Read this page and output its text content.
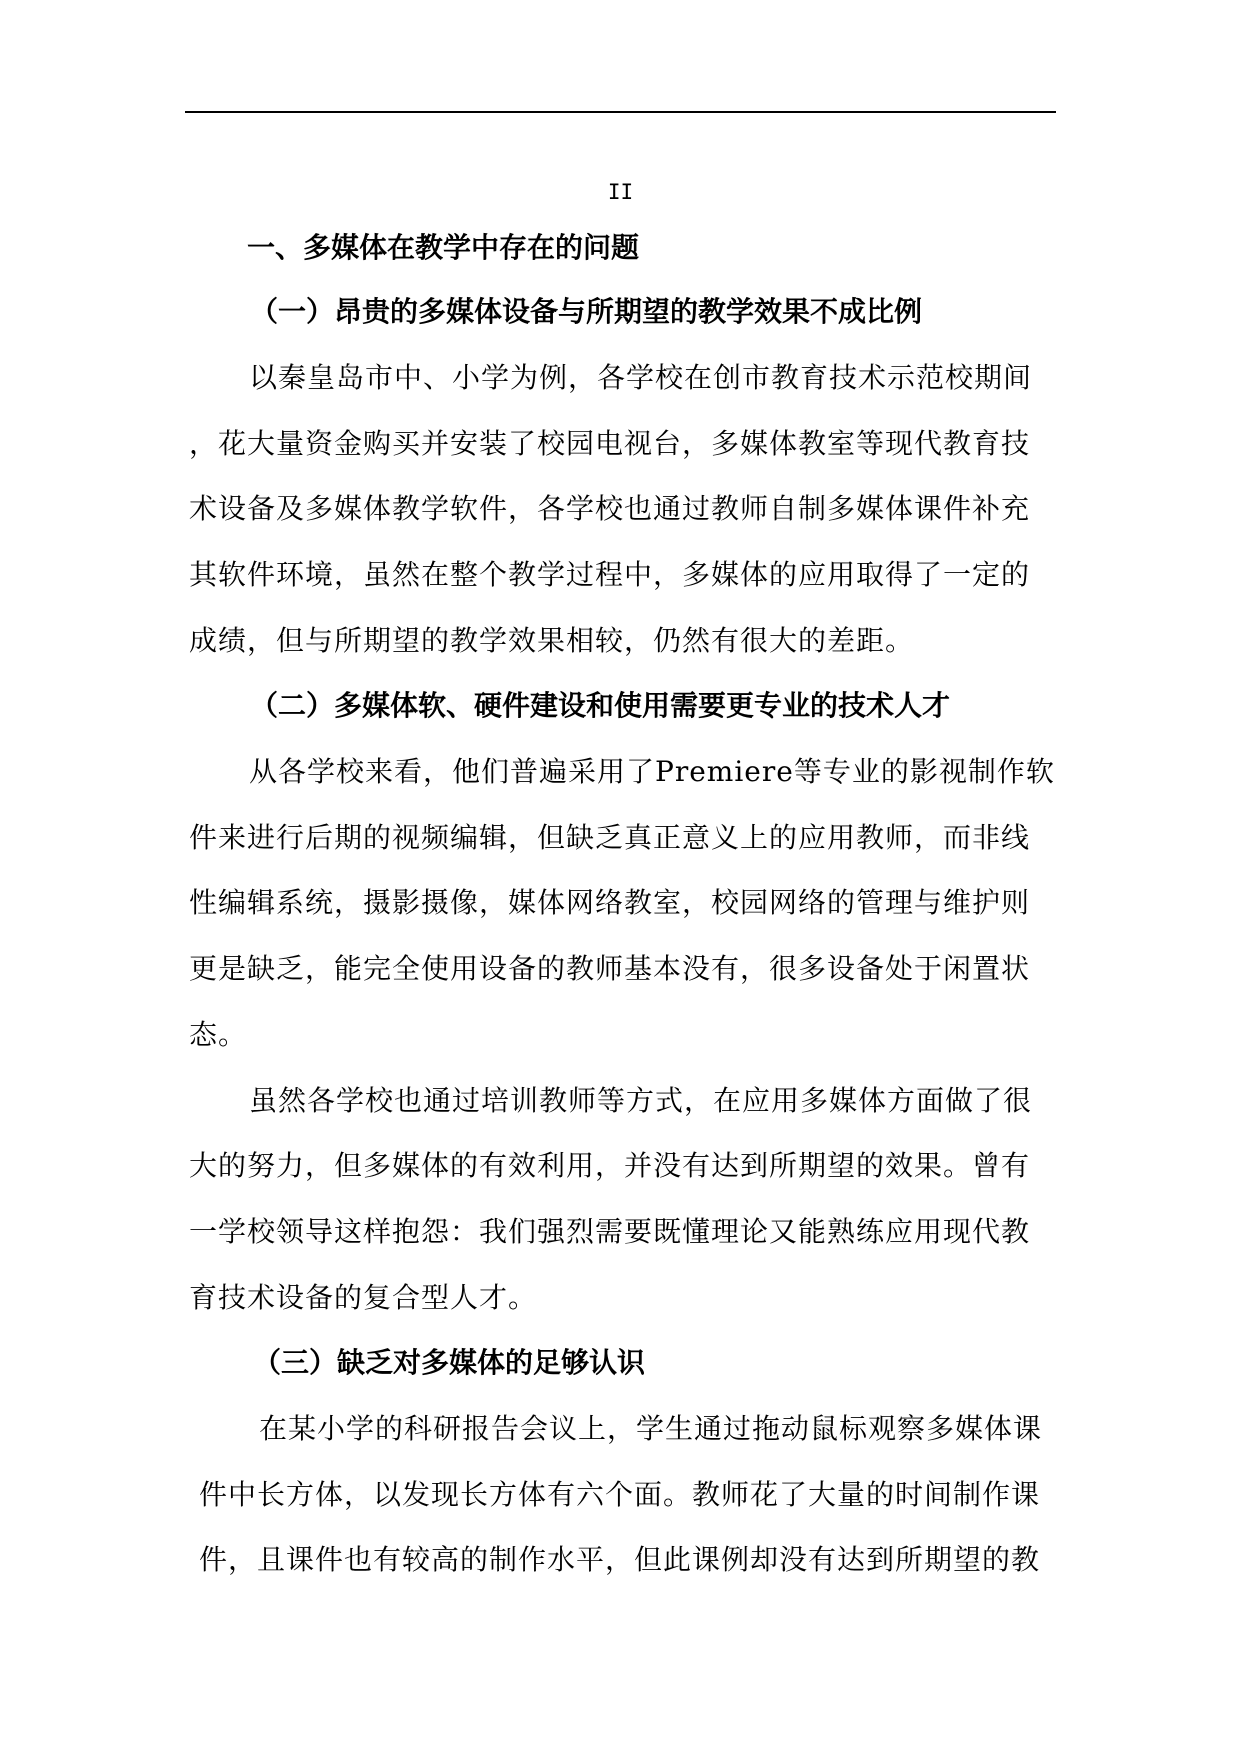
II
一、多媒体在教学中存在的问题
（一）昂贵的多媒体设备与所期望的教学效果不成比例
以秦皇岛市中、小学为例，各学校在创市教育技术示范校期间
，花大量资金购买并安装了校园电视台，多媒体教室等现代教育技
术设备及多媒体教学软件，各学校也通过教师自制多媒体课件补充
其软件环境，虽然在整个教学过程中，多媒体的应用取得了一定的
成绩，但与所期望的教学效果相较，仍然有很大的差距。
（二）多媒体软、硬件建设和使用需要更专业的技术人才
从各学校来看，他们普遍采用了Premiere等专业的影视制作软
件来进行后期的视频编辑，但缺乏真正意义上的应用教师，而非线
性编辑系统，摄影摄像，媒体网络教室，校园网络的管理与维护则
更是缺乏，能完全使用设备的教师基本没有，很多设备处于闲置状
态。
虽然各学校也通过培训教师等方式，在应用多媒体方面做了很
大的努力，但多媒体的有效利用，并没有达到所期望的效果。曾有
一学校领导这样抱怨：我们强烈需要既懂理论又能熟练应用现代教
育技术设备的复合型人才。
（三）缺乏对多媒体的足够认识
在某小学的科研报告会议上，学生通过拖动鼠标观察多媒体课
件中长方体，以发现长方体有六个面。教师花了大量的时间制作课
件，且课件也有较高的制作水平，但此课例却没有达到所期望的教
